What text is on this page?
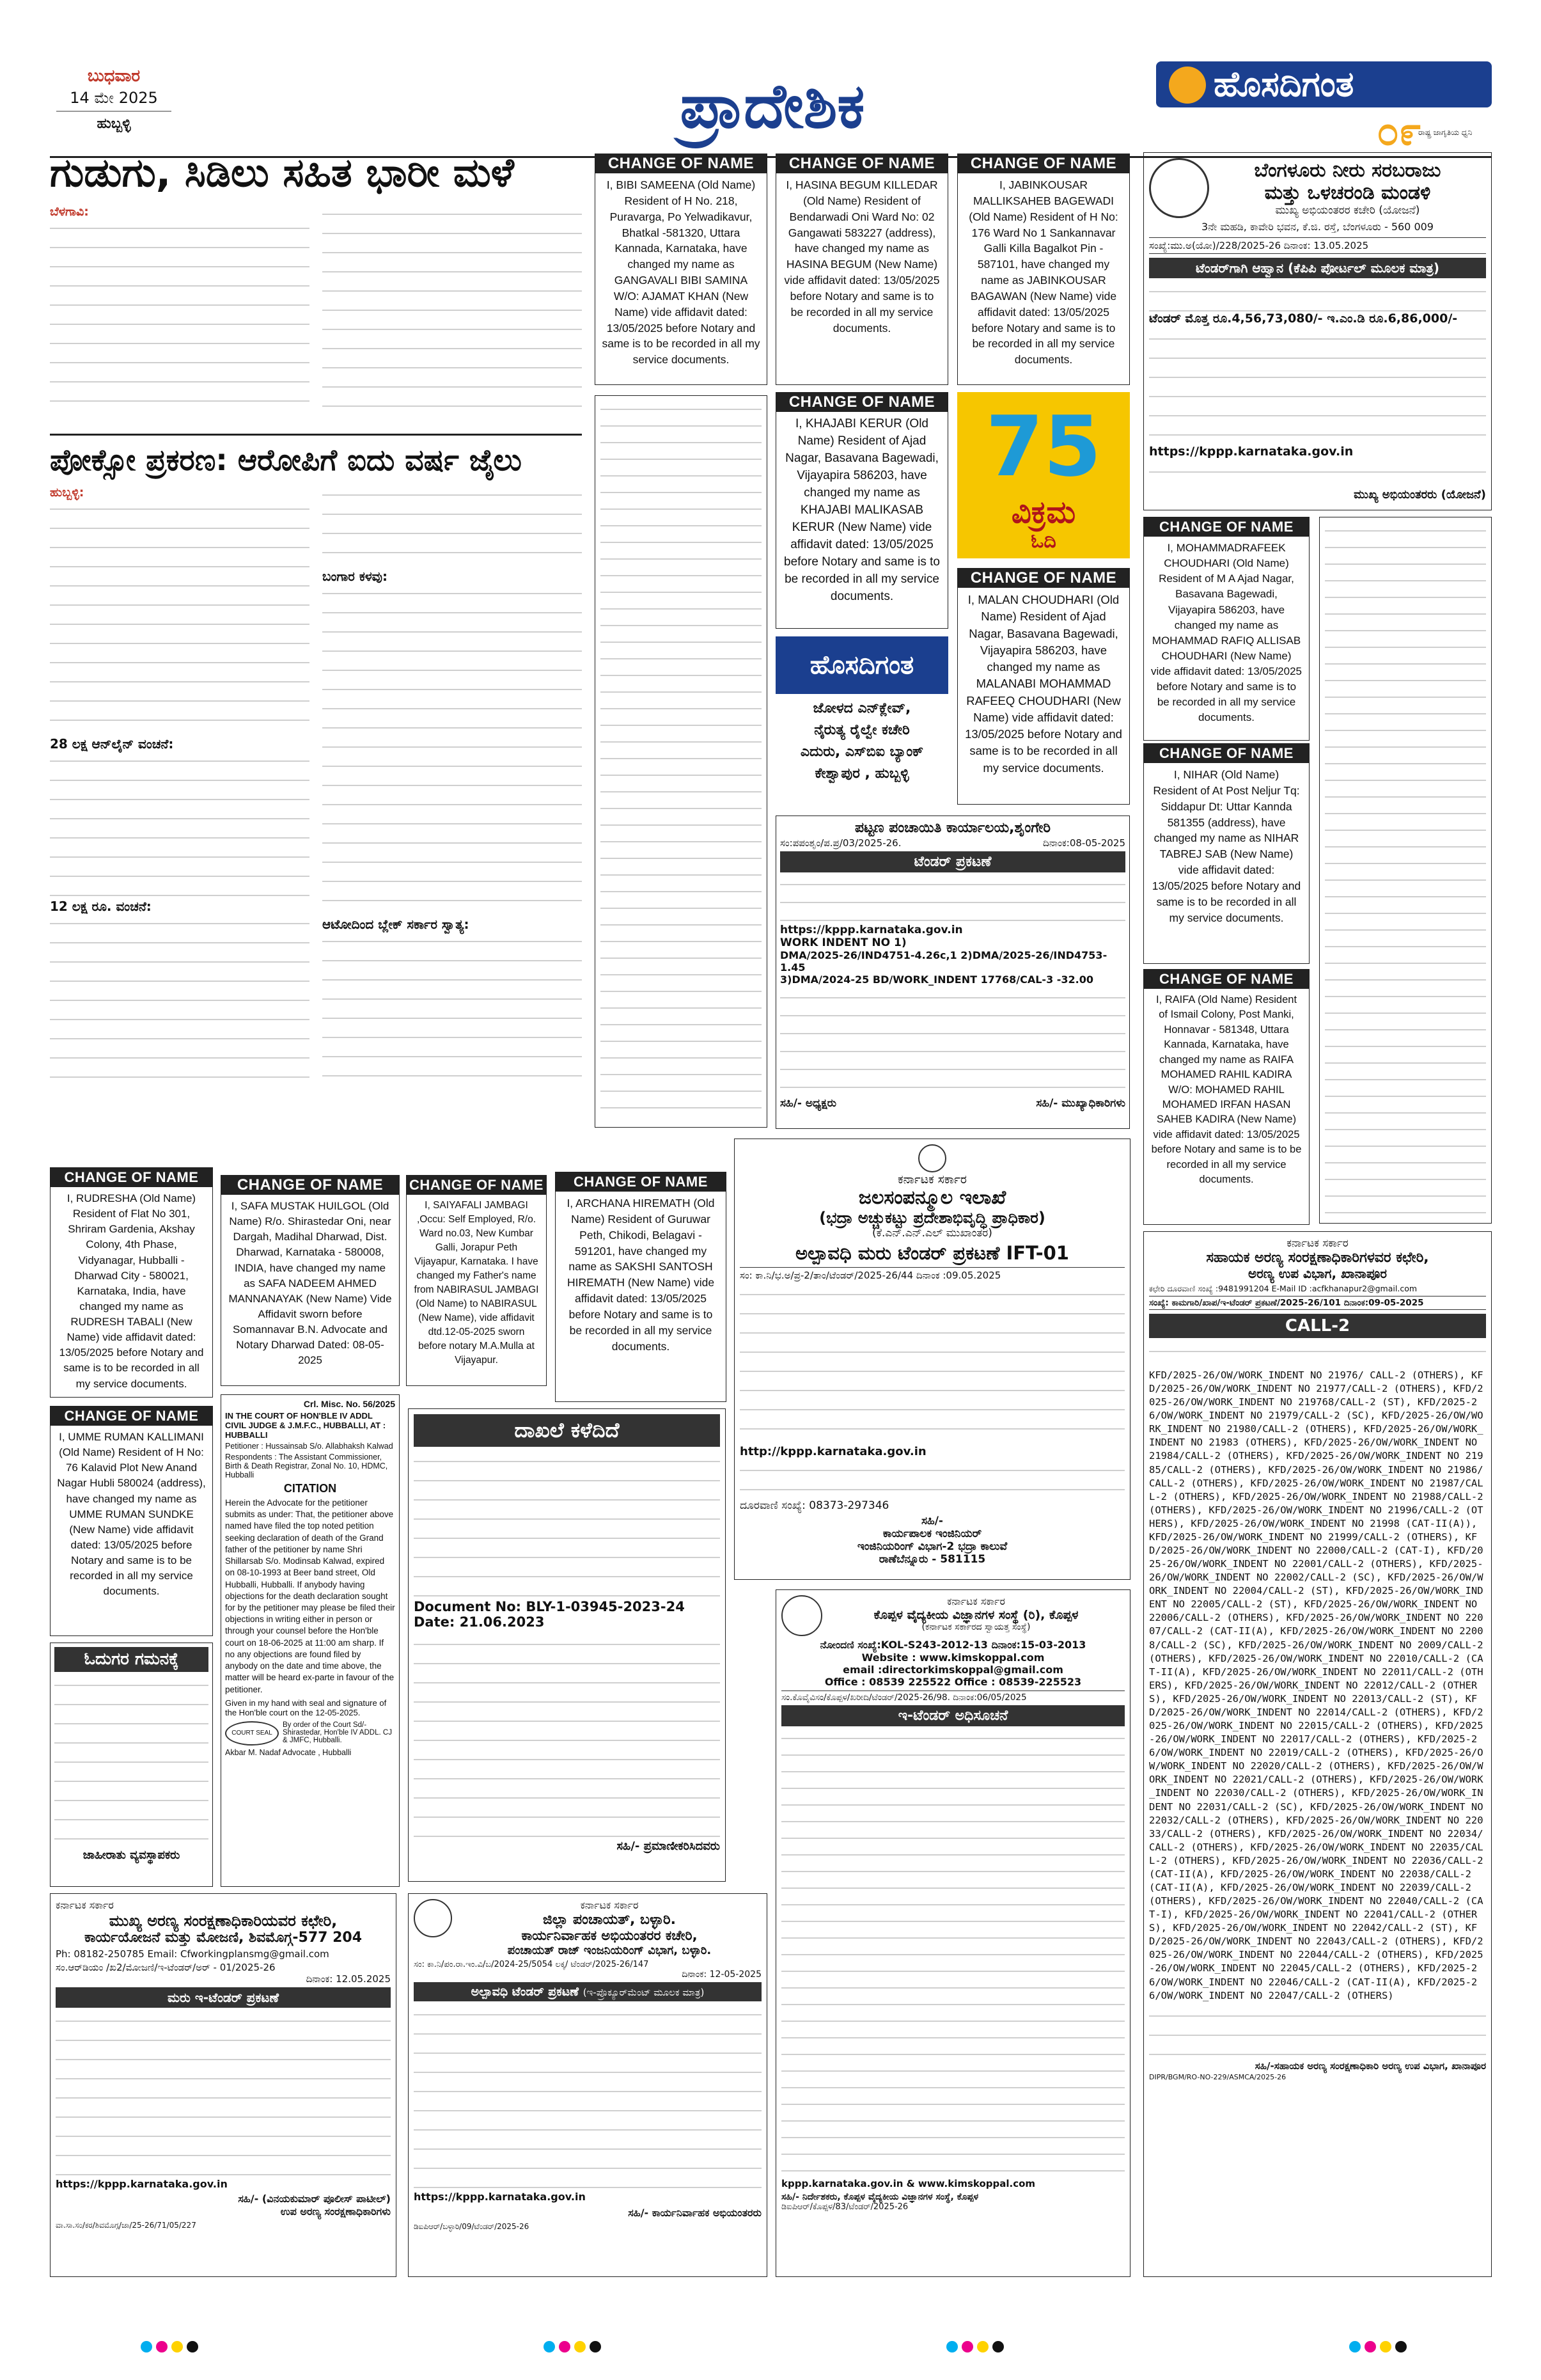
ಬುಧವಾರ
14 ಮೇ 2025
ಹುಬ್ಬಳ್ಳಿ	ಪ್ರಾದೇಶಿಕ	ಹೊಸದಿಗಂತ
೦೯
ರಾಷ್ಟ್ರ ಜಾಗೃತಿಯ ಧ್ವನಿ
ಗುಡುಗು, ಸಿಡಿಲು ಸಹಿತ ಭಾರೀ ಮಳೆ
ಬೆಳಗಾವಿ:
ಪೋಕ್ಸೋ ಪ್ರಕರಣ: ಆರೋಪಿಗೆ ಐದು ವರ್ಷ ಜೈಲು
ಹುಬ್ಬಳ್ಳಿ:
28 ಲಕ್ಷ ಆನ್‌ಲೈನ್ ವಂಚನೆ:
12 ಲಕ್ಷ ರೂ. ವಂಚನೆ:
ಬಂಗಾರ ಕಳವು:
ಆಟೋದಿಂದ ಬ್ಲೇಕ್ ಸರ್ಕಾರ ಸ್ವಾತ್ಯ:
CHANGE OF NAME
I, BIBI SAMEENA (Old Name) Resident of H No. 218, Puravarga, Po Yelwadikavur, Bhatkal -581320, Uttara Kannada, Karnataka, have changed my name as GANGAVALI BIBI SAMINA W/O: AJAMAT KHAN (New Name) vide affidavit dated: 13/05/2025 before Notary and same is to be recorded in all my service documents.
CHANGE OF NAME
I, HASINA BEGUM KILLEDAR (Old Name) Resident of Bendarwadi Oni Ward No: 02 Gangawati 583227 (address), have changed my name as HASINA BEGUM (New Name) vide affidavit dated: 13/05/2025 before Notary and same is to be recorded in all my service documents.
CHANGE OF NAME
I, JABINKOUSAR MALLIKSAHEB BAGEWADI (Old Name) Resident of H No: 176 Ward No 1 Sankannavar Galli Killa Bagalkot Pin - 587101, have changed my name as JABINKOUSAR BAGAWAN (New Name) vide affidavit dated: 13/05/2025 before Notary and same is to be recorded in all my service documents.
ಬೆಂಗಳೂರು ನೀರು ಸರಬರಾಜು
ಮತ್ತು ಒಳಚರಂಡಿ ಮಂಡಳಿ
ಮುಖ್ಯ ಅಭಿಯಂತರರ ಕಚೇರಿ (ಯೋಜನೆ)
3ನೇ ಮಹಡಿ, ಕಾವೇರಿ ಭವನ, ಕೆ.ಜಿ. ರಸ್ತೆ, ಬೆಂಗಳೂರು - 560 009
ಸಂಖ್ಯೆ:ಮು.ಅ(ಯೋ)/228/2025-26 ದಿನಾಂಕ: 13.05.2025
ಟೆಂಡರ್‌ಗಾಗಿ ಆಹ್ವಾನ (ಕೆಪಿಪಿ ಪೋರ್ಟಲ್ ಮೂಲಕ ಮಾತ್ರ)
ಟೆಂಡರ್ ಮೊತ್ತ ರೂ.4,56,73,080/- ಇ.ಎಂ.ಡಿ ರೂ.6,86,000/-
https://kppp.karnataka.gov.in
ಮುಖ್ಯ ಅಭಿಯಂತರರು (ಯೋಜನೆ)
CHANGE OF NAME
I, KHAJABI KERUR (Old Name) Resident of Ajad Nagar, Basavana Bagewadi, Vijayapira 586203, have changed my name as KHAJABI MALIKASAB KERUR (New Name) vide affidavit dated: 13/05/2025 before Notary and same is to be recorded in all my service documents.
75
ವಿಕ್ರಮ
ಓದಿ
CHANGE OF NAME
I, MALAN CHOUDHARI (Old Name) Resident of Ajad Nagar, Basavana Bagewadi, Vijayapira 586203, have changed my name as MALANABI MOHAMMAD RAFEEQ CHOUDHARI (New Name) vide affidavit dated: 13/05/2025 before Notary and same is to be recorded in all my service documents.
ಹೊಸದಿಗಂತ
ಜೋಳದ ಎನ್‌ಕ್ಲೇವ್,
ನೈರುತ್ಯ ರೈಲ್ವೇ ಕಚೇರಿ
ಎದುರು, ಎಸ್‌ಬಿಐ ಬ್ಯಾಂಕ್
ಕೇಶ್ವಾಪುರ , ಹುಬ್ಬಳ್ಳಿ
CHANGE OF NAME
I, MOHAMMADRAFEEK CHOUDHARI (Old Name) Resident of M A Ajad Nagar, Basavana Bagewadi, Vijayapira 586203, have changed my name as MOHAMMAD RAFIQ ALLISAB CHOUDHARI (New Name) vide affidavit dated: 13/05/2025 before Notary and same is to be recorded in all my service documents.
CHANGE OF NAME
I, NIHAR (Old Name) Resident of At Post Neljur Tq: Siddapur Dt: Uttar Kannda 581355 (address), have changed my name as NIHAR TABREJ SAB (New Name) vide affidavit dated: 13/05/2025 before Notary and same is to be recorded in all my service documents.
CHANGE OF NAME
I, RAIFA (Old Name) Resident of Ismail Colony, Post Manki, Honnavar - 581348, Uttara Kannada, Karnataka, have changed my name as RAIFA MOHAMED RAHIL KADIRA W/O: MOHAMED RAHIL MOHAMED IRFAN HASAN SAHEB KADIRA (New Name) vide affidavit dated: 13/05/2025 before Notary and same is to be recorded in all my service documents.
ಪಟ್ಟಣ ಪಂಚಾಯಿತಿ ಕಾರ್ಯಾಲಯ,ಶೃಂಗೇರಿ
ಸಂ:ಪಪಂಶೃಂ/ಪ.ಪ್ರ/03/2025-26.	ದಿನಾಂಕ:08-05-2025
ಟೆಂಡರ್ ಪ್ರಕಟಣೆ
https://kppp.karnataka.gov.in
WORK INDENT NO 1)
DMA/2025-26/IND4751-4.26c,1 2)DMA/2025-26/IND4753-1.45
3)DMA/2024-25 BD/WORK_INDENT 17768/CAL-3 -32.00
ಸಹಿ/- ಅಧ್ಯಕ್ಷರು	ಸಹಿ/- ಮುಖ್ಯಾಧಿಕಾರಿಗಳು
CHANGE OF NAME
I, RUDRESHA (Old Name) Resident of Flat No 301, Shriram Gardenia, Akshay Colony, 4th Phase, Vidyanagar, Hubballi - Dharwad City - 580021, Karnataka, India, have changed my name as RUDRESH TABALI (New Name) vide affidavit dated: 13/05/2025 before Notary and same is to be recorded in all my service documents.
CHANGE OF NAME
I, SAFA MUSTAK HUILGOL (Old Name) R/o. Shirastedar Oni, near Dargah, Madihal Dharwad, Dist. Dharwad, Karnataka - 580008, INDIA, have changed my name as SAFA NADEEM AHMED MANNANAYAK (New Name) Vide Affidavit sworn before Somannavar B.N. Advocate and Notary Dharwad Dated: 08-05-2025
CHANGE OF NAME
I, SAIYAFALI JAMBAGI ,Occu: Self Employed, R/o. Ward no.03, New Kumbar Galli, Jorapur Peth Vijayapur, Karnataka. I have changed my Father's name from NABIRASUL JAMBAGI (Old Name) to NABIRASUL (New Name), vide affidavit dtd.12-05-2025 sworn before notary M.A.Mulla at Vijayapur.
CHANGE OF NAME
I, ARCHANA HIREMATH (Old Name) Resident of Guruwar Peth, Chikodi, Belagavi - 591201, have changed my name as SAKSHI SANTOSH HIREMATH (New Name) vide affidavit dated: 13/05/2025 before Notary and same is to be recorded in all my service documents.
CHANGE OF NAME
I, UMME RUMAN KALLIMANI (Old Name) Resident of H No: 76 Kalavid Plot New Anand Nagar Hubli 580024 (address), have changed my name as UMME RUMAN SUNDKE (New Name) vide affidavit dated: 13/05/2025 before Notary and same is to be recorded in all my service documents.
Crl. Misc. No. 56/2025
IN THE COURT OF HON'BLE IV ADDL CIVIL JUDGE & J.M.F.C., HUBBALLI, AT : HUBBALLI
Petitioner : Hussainsab S/o. Allabhaksh Kalwad
Respondents : The Assistant Commissioner, Birth & Death Registrar, Zonal No. 10, HDMC, Hubballi
CITATION
Herein the Advocate for the petitioner submits as under: That, the petitioner above named have filed the top noted petition seeking declaration of death of the Grand father of the petitioner by name Shri Shillarsab S/o. Modinsab Kalwad, expired on 08-10-1993 at Beer band street, Old Hubballi, Hubballi. If anybody having objections for the death declaration sought for by the petitioner may please be filed their objections in writing either in person or through your counsel before the Hon'ble court on 18-06-2025 at 11:00 am sharp. If no any objections are found filed by anybody on the date and time above, the matter will be heard ex-parte in favour of the petitioner.
Given in my hand with seal and signature of the Hon'ble court on the 12-05-2025.
COURT SEAL
By order of the Court Sd/- Shirastedar, Hon'ble IV ADDL. CJ & JMFC, Hubballi.
Akbar M. Nadaf Advocate , Hubballi
ಓದುಗರ ಗಮನಕ್ಕೆ
ಜಾಹೀರಾತು ವ್ಯವಸ್ಥಾಪಕರು
ದಾಖಲೆ ಕಳೆದಿದೆ
Document No: BLY-1-03945-2023-24 Date: 21.06.2023
ಸಹಿ/- ಪ್ರಮಾಣೀಕರಿಸಿದವರು
ಕರ್ನಾಟಕ ಸರ್ಕಾರ
ಜಲಸಂಪನ್ಮೂಲ ಇಲಾಖೆ
(ಭದ್ರಾ ಅಚ್ಚುಕಟ್ಟು ಪ್ರದೇಶಾಭಿವೃದ್ಧಿ ಪ್ರಾಧಿಕಾರ)
(ಕೆ.ಎನ್.ಎನ್.ಎಲ್ ಮುಖಾಂತರ)
ಅಲ್ಪಾವಧಿ ಮರು ಟೆಂಡರ್ ಪ್ರಕಟಣೆ IFT-01
ಸಂ: ಕಾ.ನಿ/ಭ.ಅ/ಪ್ರ-2/ತಾಂ/ಟೆಂಡರ್/2025-26/44 ದಿನಾಂಕ :09.05.2025
http://kppp.karnataka.gov.in
ದೂರವಾಣಿ ಸಂಖ್ಯೆ: 08373-297346
ಸಹಿ/-
ಕಾರ್ಯಪಾಲಕ ಇಂಜಿನಿಯರ್
ಇಂಜಿನಿಯರಿಂಗ್ ವಿಭಾಗ-2 ಭದ್ರಾ ಕಾಲುವೆ
ರಾಣೆಬೆನ್ನೂರು - 581115
ಕರ್ನಾಟಕ ಸರ್ಕಾರ
ಕೊಪ್ಪಳ ವೈದ್ಯಕೀಯ ವಿಜ್ಞಾನಗಳ ಸಂಸ್ಥೆ (ರಿ), ಕೊಪ್ಪಳ
(ಕರ್ನಾಟಕ ಸರ್ಕಾರದ ಸ್ವಾಯತ್ತ ಸಂಸ್ಥೆ)
ನೋಂದಣಿ ಸಂಖ್ಯೆ:KOL-S243-2012-13 ದಿನಾಂಕ:15-03-2013
Website : www.kimskoppal.com
email :directorkimskoppal@gmail.com
Office : 08539 225522 Office : 08539-225523
ಸಂ.ಕೊವೈವಿಸಂ/ಕೊಪ್ಪಳ/ಖರೀದಿ/ಟೆಂಡರ್/2025-26/98. ದಿನಾಂಕ:06/05/2025
ಇ-ಟೆಂಡರ್ ಅಧಿಸೂಚನೆ
kppp.karnataka.gov.in & www.kimskoppal.com
ಸಹಿ/- ನಿರ್ದೇಶಕರು, ಕೊಪ್ಪಳ ವೈದ್ಯಕೀಯ ವಿಜ್ಞಾನಗಳ ಸಂಸ್ಥೆ, ಕೊಪ್ಪಳ
ಡಿಐಪಿಆರ್/ಕೊಪ್ಪಳ/83/ಟೆಂಡರ್/2025-26
ಕರ್ನಾಟಕ ಸರ್ಕಾರ
ಮುಖ್ಯ ಅರಣ್ಯ ಸಂರಕ್ಷಣಾಧಿಕಾರಿಯವರ ಕಛೇರಿ,
ಕಾರ್ಯಯೋಜನೆ ಮತ್ತು ಮೋಜಣಿ, ಶಿವಮೊಗ್ಗ-577 204
Ph: 08182-250785 Email: Cfworkingplansmg@gmail.com
ಸಂ.ಆರ್‌ಡಿಯಂ /ಖ2/ಮೋಜಣಿ/ಇ-ಟೆಂಡರ್/ಅರ್ - 01/2025-26
ದಿನಾಂಕ: 12.05.2025
ಮರು ಇ-ಟೆಂಡರ್ ಪ್ರಕಟಣೆ
https://kppp.karnataka.gov.in
ಸಹಿ/- (ವಿನಯಕುಮಾರ್ ಪೂಲೀಸ್ ಪಾಟೀಲ್)
ಉಪ ಅರಣ್ಯ ಸಂರಕ್ಷಣಾಧಿಕಾರಿಗಳು
ವಾ.ಸಾ.ಸಂ/ಕರ/ಶಿವಮೊಗ್ಗ/ಜಾ/25-26/71/05/227
ಕರ್ನಾಟಕ ಸರ್ಕಾರ
ಜಿಲ್ಲಾ ಪಂಚಾಯತ್, ಬಳ್ಳಾರಿ.
ಕಾರ್ಯನಿರ್ವಾಹಕ ಅಭಿಯಂತರರ ಕಚೇರಿ,
ಪಂಚಾಯತ್ ರಾಜ್ ಇಂಜನಿಯರಿಂಗ್ ವಿಭಾಗ, ಬಳ್ಳಾರಿ.
ಸಂ: ಕಾ.ನಿ/ಪಂ.ರಾ.ಇಂ.ವಿ/ಬ/2024-25/5054 ಲಕ್ಕ/ ಟೆಂಡರ್/2025-26/147
ದಿನಾಂಕ: 12-05-2025
ಅಲ್ಪಾವಧಿ ಟೆಂಡರ್ ಪ್ರಕಟಣೆ (ಇ-ಪ್ರೊಕ್ಯೂರ್‌ಮೆಂಟ್ ಮೂಲಕ ಮಾತ್ರ)
https://kppp.karnataka.gov.in
ಸಹಿ/- ಕಾರ್ಯನಿರ್ವಾಹಕ ಅಭಿಯಂತರರು
ಡಿಐಪಿಆರ್/ಬಳ್ಳಾರಿ/09/ಟೆಂಡರ್/2025-26
ಕರ್ನಾಟಕ ಸರ್ಕಾರ
ಸಹಾಯಕ ಅರಣ್ಯ ಸಂರಕ್ಷಣಾಧಿಕಾರಿಗಳವರ ಕಛೇರಿ,
ಅರಣ್ಯ ಉಪ ವಿಭಾಗ, ಖಾನಾಪೂರ
ಕಛೇರಿ ದೂರವಾಣಿ ಸಂಖ್ಯೆ :9481991204 E-Mail ID :acfkhanapur2@gmail.com
ಸಂಖ್ಯೆ: ಕಾಮಗಾರಿ/ಖಾಪ/ಇ-ಟೆಂಡರ್ ಪ್ರಕಟಣೆ/2025-26/101 ದಿನಾಂಕ:09-05-2025
CALL-2
KFD/2025-26/OW/WORK_INDENT NO 21976/ CALL-2 (OTHERS), KFD/2025-26/OW/WORK_INDENT NO 21977/CALL-2 (OTHERS), KFD/2025-26/OW/WORK_INDENT NO 219768/CALL-2 (ST), KFD/2025-26/OW/WORK_INDENT NO 21979/CALL-2 (SC), KFD/2025-26/OW/WORK_INDENT NO 21980/CALL-2 (OTHERS), KFD/2025-26/OW/WORK_INDENT NO 21983 (OTHERS), KFD/2025-26/OW/WORK_INDENT NO 21984/CALL-2 (OTHERS), KFD/2025-26/OW/WORK_INDENT NO 21985/CALL-2 (OTHERS), KFD/2025-26/OW/WORK_INDENT NO 21986/CALL-2 (OTHERS), KFD/2025-26/OW/WORK_INDENT NO 21987/CALL-2 (OTHERS), KFD/2025-26/OW/WORK_INDENT NO 21988/CALL-2 (OTHERS), KFD/2025-26/OW/WORK_INDENT NO 21996/CALL-2 (OTHERS), KFD/2025-26/OW/WORK_INDENT NO 21998 (CAT-II(A)), KFD/2025-26/OW/WORK_INDENT NO 21999/CALL-2 (OTHERS), KFD/2025-26/OW/WORK_INDENT NO 22000/CALL-2 (CAT-I), KFD/2025-26/OW/WORK_INDENT NO 22001/CALL-2 (OTHERS), KFD/2025-26/OW/WORK_INDENT NO 22002/CALL-2 (SC), KFD/2025-26/OW/WORK_INDENT NO 22004/CALL-2 (ST), KFD/2025-26/OW/WORK_INDENT NO 22005/CALL-2 (ST), KFD/2025-26/OW/WORK_INDENT NO 22006/CALL-2 (OTHERS), KFD/2025-26/OW/WORK_INDENT NO 22007/CALL-2 (CAT-II(A), KFD/2025-26/OW/WORK_INDENT NO 22008/CALL-2 (SC), KFD/2025-26/OW/WORK_INDENT NO 2009/CALL-2 (OTHERS), KFD/2025-26/OW/WORK_INDENT NO 22010/CALL-2 (CAT-II(A), KFD/2025-26/OW/WORK_INDENT NO 22011/CALL-2 (OTHERS), KFD/2025-26/OW/WORK_INDENT NO 22012/CALL-2 (OTHERS), KFD/2025-26/OW/WORK_INDENT NO 22013/CALL-2 (ST), KFD/2025-26/OW/WORK_INDENT NO 22014/CALL-2 (OTHERS), KFD/2025-26/OW/WORK_INDENT NO 22015/CALL-2 (OTHERS), KFD/2025-26/OW/WORK_INDENT NO 22017/CALL-2 (OTHERS), KFD/2025-26/OW/WORK_INDENT NO 22019/CALL-2 (OTHERS), KFD/2025-26/OW/WORK_INDENT NO 22020/CALL-2 (OTHERS), KFD/2025-26/OW/WORK_INDENT NO 22021/CALL-2 (OTHERS), KFD/2025-26/OW/WORK_INDENT NO 22030/CALL-2 (OTHERS), KFD/2025-26/OW/WORK_INDENT NO 22031/CALL-2 (SC), KFD/2025-26/OW/WORK_INDENT NO 22032/CALL-2 (OTHERS), KFD/2025-26/OW/WORK_INDENT NO 22033/CALL-2 (OTHERS), KFD/2025-26/OW/WORK_INDENT NO 22034/CALL-2 (OTHERS), KFD/2025-26/OW/WORK_INDENT NO 22035/CALL-2 (OTHERS), KFD/2025-26/OW/WORK_INDENT NO 22036/CALL-2 (CAT-II(A), KFD/2025-26/OW/WORK_INDENT NO 22038/CALL-2 (CAT-II(A), KFD/2025-26/OW/WORK_INDENT NO 22039/CALL-2 (OTHERS), KFD/2025-26/OW/WORK_INDENT NO 22040/CALL-2 (CAT-I), KFD/2025-26/OW/WORK_INDENT NO 22041/CALL-2 (OTHERS), KFD/2025-26/OW/WORK_INDENT NO 22042/CALL-2 (ST), KFD/2025-26/OW/WORK_INDENT NO 22043/CALL-2 (OTHERS), KFD/2025-26/OW/WORK_INDENT NO 22044/CALL-2 (OTHERS), KFD/2025-26/OW/WORK_INDENT NO 22045/CALL-2 (OTHERS), KFD/2025-26/OW/WORK_INDENT NO 22046/CALL-2 (CAT-II(A), KFD/2025-26/OW/WORK_INDENT NO 22047/CALL-2 (OTHERS)
ಸಹಿ/-ಸಹಾಯಕ ಅರಣ್ಯ ಸಂರಕ್ಷಣಾಧಿಕಾರಿ ಅರಣ್ಯ ಉಪ ವಿಭಾಗ, ಖಾನಾಪೂರ
DIPR/BGM/RO-NO-229/ASMCA/2025-26
